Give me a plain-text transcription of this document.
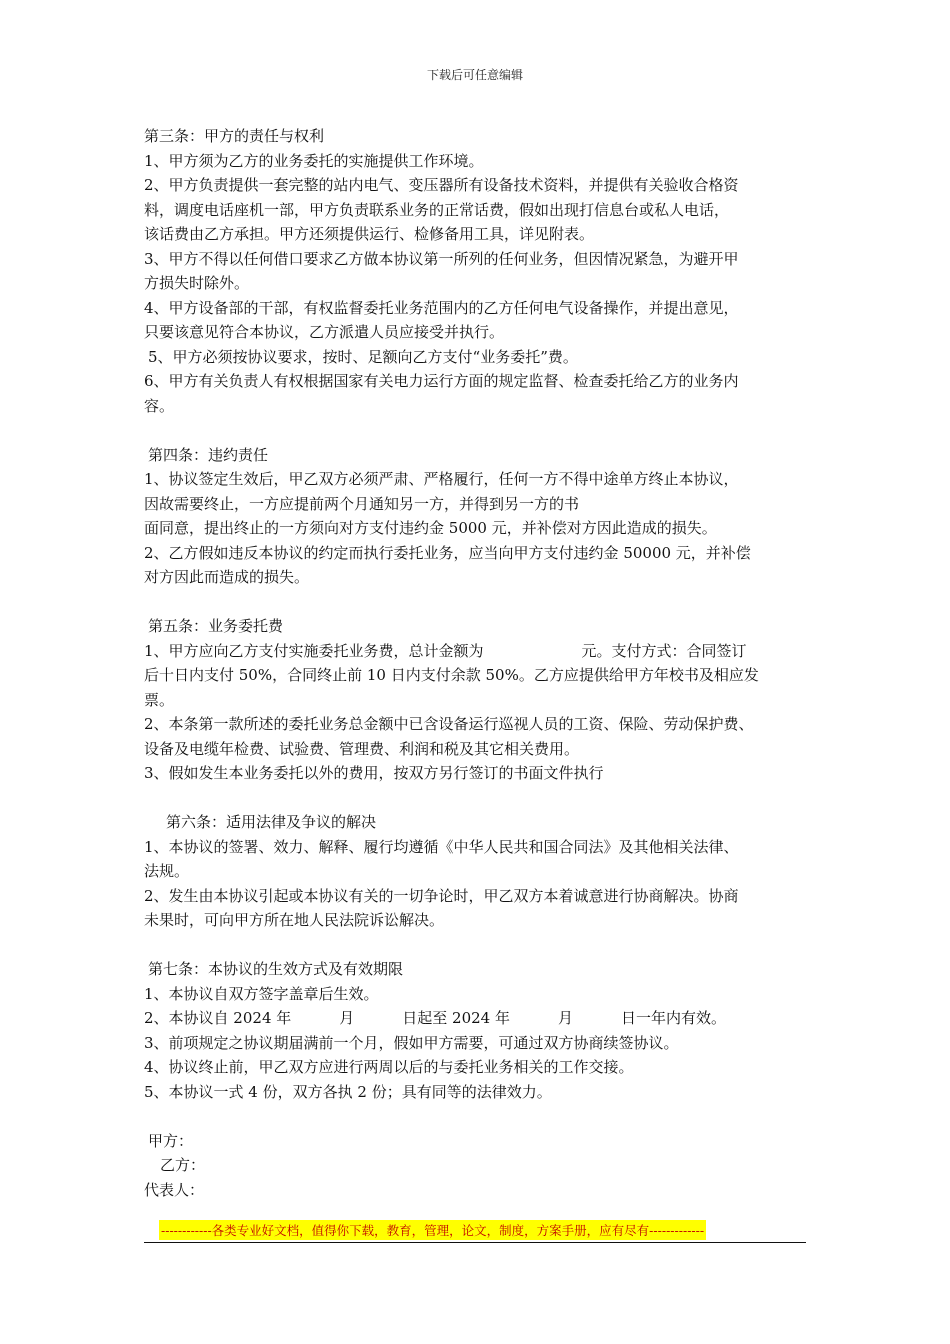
下载后可任意编辑
第三条：甲方的责任与权利
1、甲方须为乙方的业务委托的实施提供工作环境。
2、甲方负责提供一套完整的站内电气、变压器所有设备技术资料，并提供有关验收合格资
料，调度电话座机一部，甲方负责联系业务的正常话费，假如出现打信息台或私人电话，
该话费由乙方承担。甲方还须提供运行、检修备用工具，详见附表。
3、甲方不得以任何借口要求乙方做本协议第一所列的任何业务，但因情况紧急，为避开甲
方损失时除外。
4、甲方设备部的干部，有权监督委托业务范围内的乙方任何电气设备操作，并提出意见，
只要该意见符合本协议，乙方派遣人员应接受并执行。
5、甲方必须按协议要求，按时、足额向乙方支付“业务委托”费。
6、甲方有关负责人有权根据国家有关电力运行方面的规定监督、检查委托给乙方的业务内
容。
第四条：违约责任
1、协议签定生效后，甲乙双方必须严肃、严格履行，任何一方不得中途单方终止本协议，
因故需要终止，一方应提前两个月通知另一方，并得到另一方的书
面同意，提出终止的一方须向对方支付违约金 5000 元，并补偿对方因此造成的损失。
2、乙方假如违反本协议的约定而执行委托业务，应当向甲方支付违约金 50000 元，并补偿
对方因此而造成的损失。
第五条：业务委托费
1、甲方应向乙方支付实施委托业务费，总计金额为	元。支付方式：合同签订
后十日内支付 50%，合同终止前 10 日内支付余款 50%。乙方应提供给甲方年校书及相应发
票。
2、本条第一款所述的委托业务总金额中已含设备运行巡视人员的工资、保险、劳动保护费、
设备及电缆年检费、试验费、管理费、利润和税及其它相关费用。
3、假如发生本业务委托以外的费用，按双方另行签订的书面文件执行
第六条：适用法律及争议的解决
1、本协议的签署、效力、解释、履行均遵循《中华人民共和国合同法》及其他相关法律、
法规。
2、发生由本协议引起或本协议有关的一切争论时，甲乙双方本着诚意进行协商解决。协商
未果时，可向甲方所在地人民法院诉讼解决。
第七条：本协议的生效方式及有效期限
1、本协议自双方签字盖章后生效。
2、本协议自 2024 年	月	日起至 2024 年	月	日一年内有效。
3、前项规定之协议期届满前一个月，假如甲方需要，可通过双方协商续签协议。
4、协议终止前，甲乙双方应进行两周以后的与委托业务相关的工作交接。
5、本协议一式 4 份，双方各执 2 份；具有同等的法律效力。
甲方：
乙方：
代表人：
------------各类专业好文档，值得你下载，教育，管理，论文，制度，方案手册，应有尽有-------------
